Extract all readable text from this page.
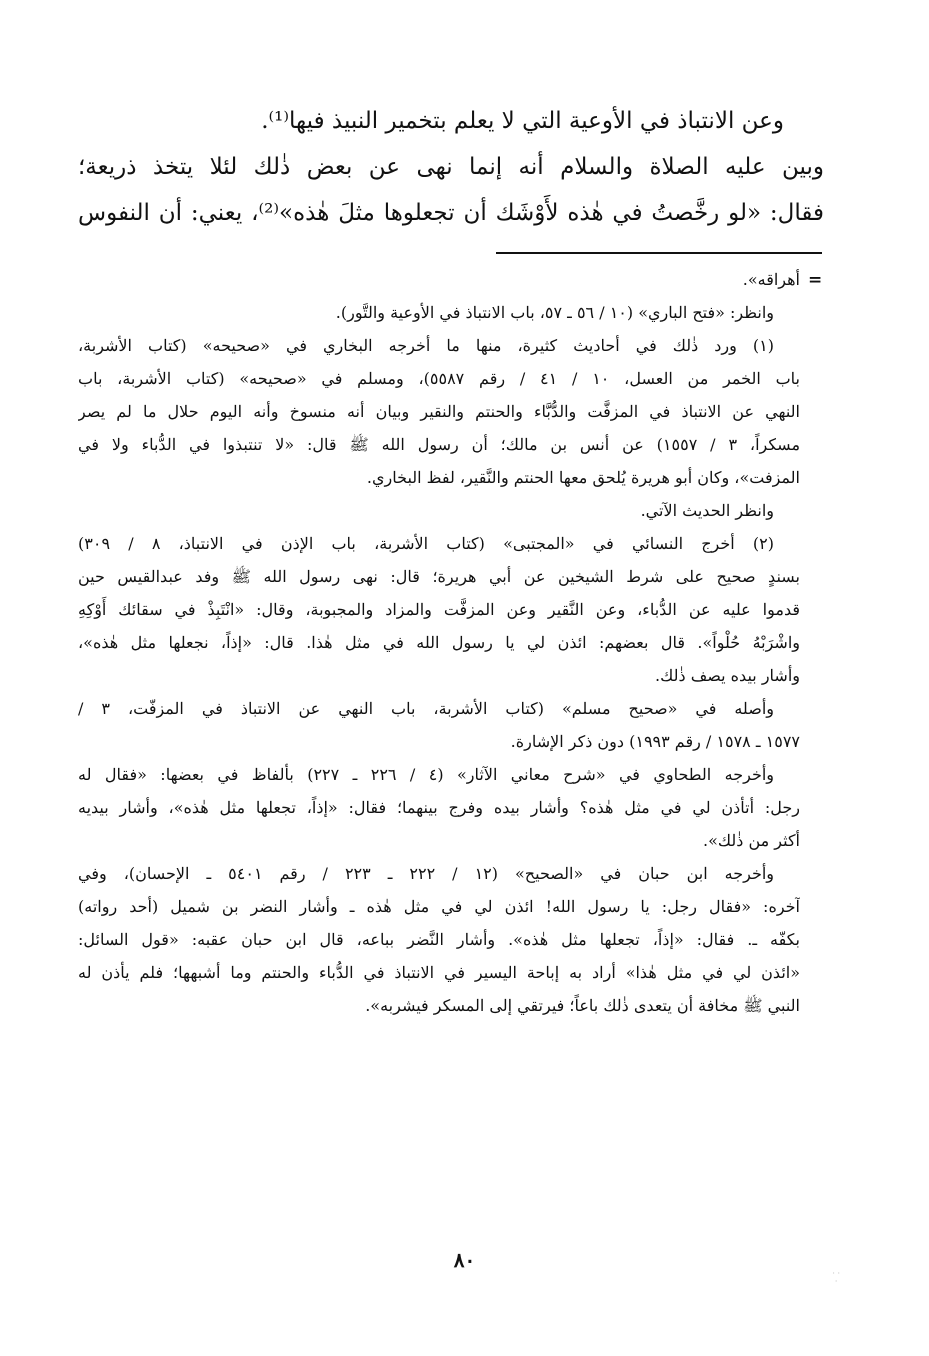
وعن الانتباذ في الأوعية التي لا يعلم بتخمير النبيذ فيها⁽¹⁾.
وبين عليه الصلاة والسلام أنه إنما نهى عن بعض ذٰلك لئلا يتخذ ذريعة؛
فقال: «لو رخَّصتُ في هٰذه لأَوْشَك أن تجعلوها مثلَ هٰذه»⁽²⁾، يعني: أن النفوس
=
أهراقه».
وانظر: «فتح الباري» (١٠ / ٥٦ ـ ٥٧، باب الانتباذ في الأوعية والتَّور).
(١) ورد ذٰلك في أحاديث كثيرة، منها ما أخرجه البخاري في «صحيحه» (كتاب الأشربة،
باب الخمر من العسل، ١٠ / ٤١ / رقم ٥٥٨٧)، ومسلم في «صحيحه» (كتاب الأشربة، باب
النهي عن الانتباذ في المزفَّت والدُّبَّاء والحنتم والنقير وبيان أنه منسوخ وأنه اليوم حلال ما لم يصر
مسكراً، ٣ / ١٥٥٧) عن أنس بن مالك؛ أن رسول الله ﷺ قال: «لا تنتبذوا في الدُّباء ولا في
المزفت»، وكان أبو هريرة يُلحق معها الحنتم والنَّقير، لفظ البخاري.
وانظر الحديث الآتي.
(٢) أخرج النسائي في «المجتبى» (كتاب الأشربة، باب الإذن في الانتباذ، ٨ / ٣٠٩)
بسندٍ صحيح على شرط الشيخين عن أبي هريرة؛ قال: نهى رسول الله ﷺ وفد عبدالقيس حين
قدموا عليه عن الدُّباء، وعن النَّقير وعن المزفَّت والمزاد والمجبوبة، وقال: «انْتَبِذْ في سقائك أَوْكِهِ
واشْرَبْهُ حُلْواً». قال بعضهم: ائذن لي يا رسول الله في مثل هٰذا. قال: «إذاً، نجعلها مثل هٰذه»،
وأشار بيده يصف ذٰلك.
وأصله في «صحيح مسلم» (كتاب الأشربة، باب النهي عن الانتباذ في المزفّت، ٣ /
١٥٧٧ ـ ١٥٧٨ / رقم ١٩٩٣) دون ذكر الإشارة.
وأخرجه الطحاوي في «شرح معاني الآثار» (٤ / ٢٢٦ ـ ٢٢٧) بألفاظ في بعضها: «فقال له
رجل: أتأذن لي في مثل هٰذه؟ وأشار بيده وفرج بينهما؛ فقال: «إذاً، تجعلها مثل هٰذه»، وأشار بيديه
أكثر من ذٰلك».
وأخرجه ابن حبان في «الصحيح» (١٢ / ٢٢٢ ـ ٢٢٣ / رقم ٥٤٠١ ـ الإحسان)، وفي
آخره: «فقال رجل: يا رسول الله! ائذن لي في مثل هٰذه ـ وأشار النضر بن شميل (أحد رواته)
بكفّه ـ. فقال: «إذاً، تجعلها مثل هٰذه». وأشار النَّضر بباعه، قال ابن حبان عقبه: «قول السائل:
«ائذن لي في مثل هٰذا» أراد به إباحة اليسير في الانتباذ في الدُّباء والحنتم وما أشبهها؛ فلم يأذن له
النبي ﷺ مخافة أن يتعدى ذٰلك باعاً؛ فيرتقي إلى المسكر فيشربه».
٨٠
· ·
·
